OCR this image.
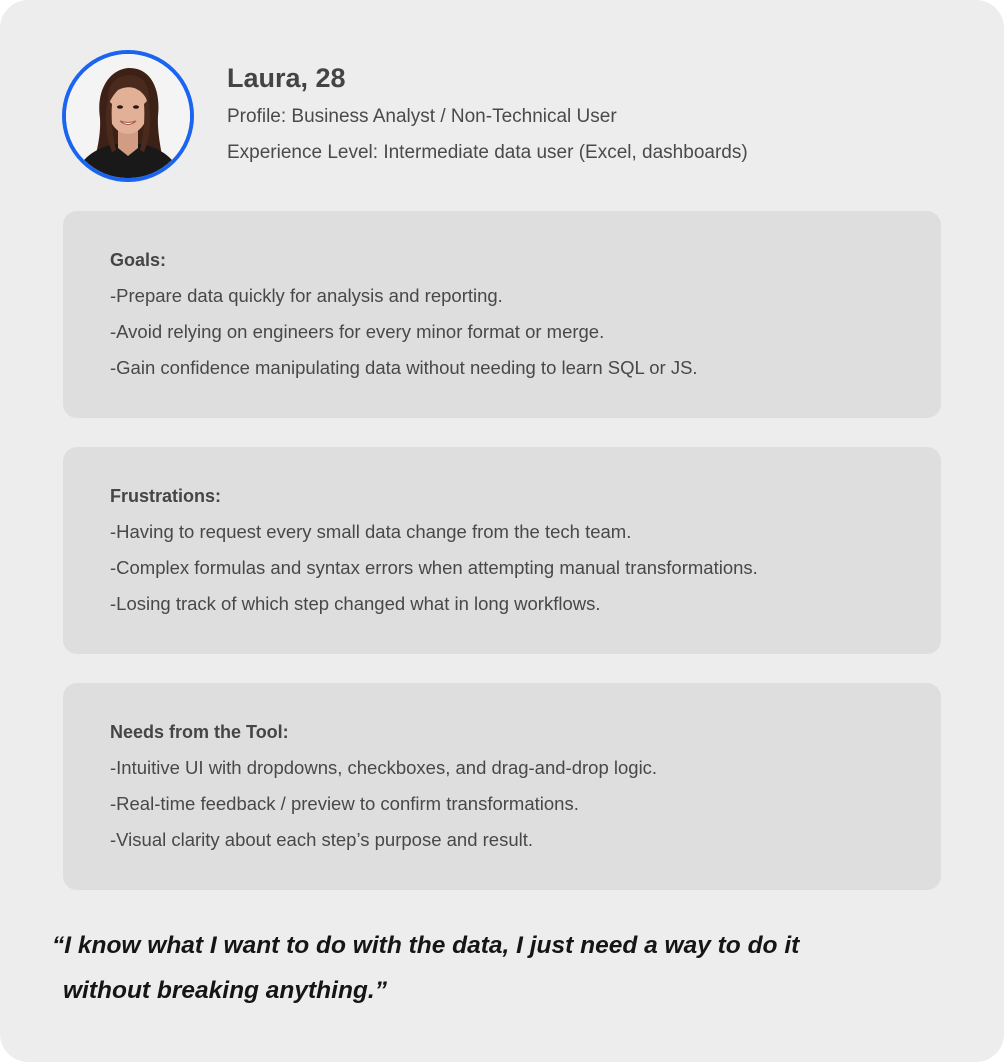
Laura, 28
Profile: Business Analyst / Non-Technical User
Experience Level: Intermediate data user (Excel, dashboards)
Goals:
-Prepare data quickly for analysis and reporting.
-Avoid relying on engineers for every minor format or merge.
-Gain confidence manipulating data without needing to learn SQL or JS.
Frustrations:
-Having to request every small data change from the tech team.
-Complex formulas and syntax errors when attempting manual transformations.
-Losing track of which step changed what in long workflows.
Needs from the Tool:
-Intuitive UI with dropdowns, checkboxes, and drag-and-drop logic.
-Real-time feedback / preview to confirm transformations.
-Visual clarity about each step’s purpose and result.
“I know what I want to do with the data, I just need a way to do it
without breaking anything.”
